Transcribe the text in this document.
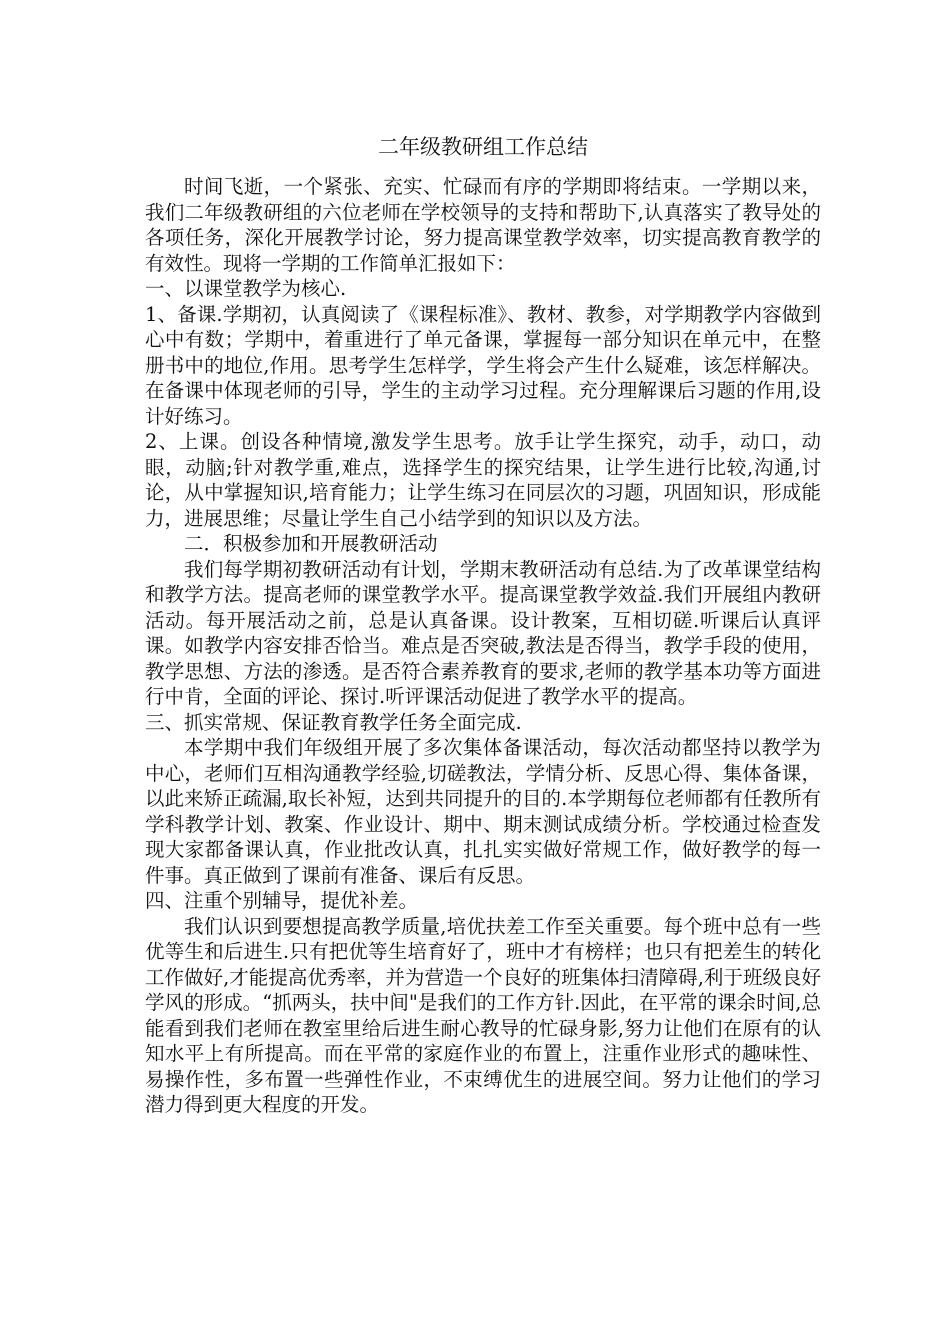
二年级教研组工作总结

时间飞逝，一个紧张、充实、忙碌而有序的学期即将结束。一学期以来，我们二年级教研组的六位老师在学校领导的支持和帮助下,认真落实了教导处的各项任务，深化开展教学讨论，努力提高课堂教学效率，切实提高教育教学的有效性。现将一学期的工作简单汇报如下：

一、以课堂教学为核心.

1、备课.学期初，认真阅读了《课程标准》、教材、教参，对学期教学内容做到心中有数；学期中，着重进行了单元备课，掌握每一部分知识在单元中，在整册书中的地位,作用。思考学生怎样学，学生将会产生什么疑难，该怎样解决。在备课中体现老师的引导，学生的主动学习过程。充分理解课后习题的作用,设计好练习。

2、上课。创设各种情境,激发学生思考。放手让学生探究，动手，动口，动眼，动脑;针对教学重,难点，选择学生的探究结果，让学生进行比较,沟通,讨论，从中掌握知识,培育能力；让学生练习在同层次的习题，巩固知识，形成能力，进展思维；尽量让学生自己小结学到的知识以及方法。

二．积极参加和开展教研活动

我们每学期初教研活动有计划，学期末教研活动有总结.为了改革课堂结构和教学方法。提高老师的课堂教学水平。提高课堂教学效益.我们开展组内教研活动。每开展活动之前，总是认真备课。设计教案，互相切磋.听课后认真评课。如教学内容安排否恰当。难点是否突破,教法是否得当，教学手段的使用，教学思想、方法的渗透。是否符合素养教育的要求,老师的教学基本功等方面进行中肯，全面的评论、探讨.听评课活动促进了教学水平的提高。

三、抓实常规、保证教育教学任务全面完成.

本学期中我们年级组开展了多次集体备课活动，每次活动都坚持以教学为中心，老师们互相沟通教学经验,切磋教法，学情分析、反思心得、集体备课，以此来矫正疏漏,取长补短，达到共同提升的目的.本学期每位老师都有任教所有学科教学计划、教案、作业设计、期中、期末测试成绩分析。学校通过检查发现大家都备课认真，作业批改认真，扎扎实实做好常规工作，做好教学的每一件事。真正做到了课前有准备、课后有反思。

四、注重个别辅导，提优补差。

我们认识到要想提高教学质量,培优扶差工作至关重要。每个班中总有一些优等生和后进生.只有把优等生培育好了，班中才有榜样；也只有把差生的转化工作做好,才能提高优秀率，并为营造一个良好的班集体扫清障碍,利于班级良好学风的形成。“抓两头，扶中间"是我们的工作方针.因此，在平常的课余时间,总能看到我们老师在教室里给后进生耐心教导的忙碌身影,努力让他们在原有的认知水平上有所提高。而在平常的家庭作业的布置上，注重作业形式的趣味性、易操作性，多布置一些弹性作业，不束缚优生的进展空间。努力让他们的学习潜力得到更大程度的开发。
